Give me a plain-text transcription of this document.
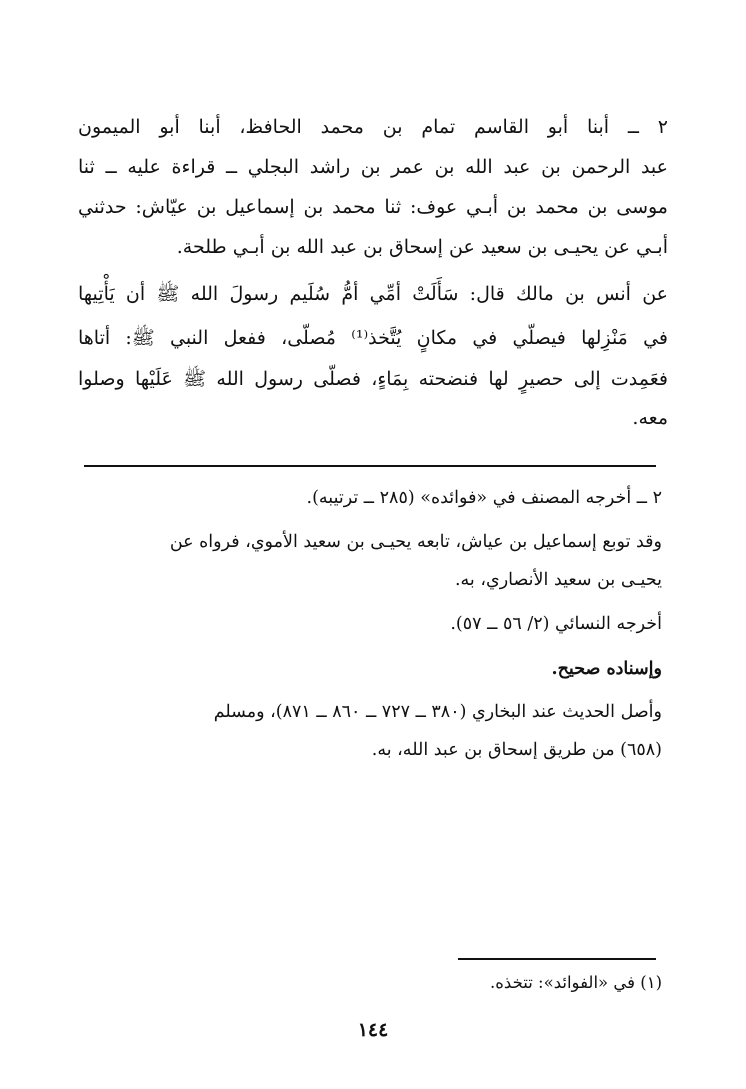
٢ ــ أبنا أبو القاسم تمام بن محمد الحافظ، أبنا أبو الميمون
عبد الرحمن بن عبد الله بن عمر بن راشد البجلي ــ قراءة عليه ــ ثنا
موسى بن محمد بن أبـي عوف: ثنا محمد بن إسماعيل بن عيّاش: حدثني
أبـي عن يحيـى بن سعيد عن إسحاق بن عبد الله بن أبـي طلحة.
عن أنس بن مالك قال: سَأَلَتْ أمِّي أمُّ سُلَيم رسولَ الله ﷺ أن يَأْتِيها
في مَنْزِلها فيصلّي في مكانٍ يُتَّخذ⁽¹⁾ مُصلّى، ففعل النبي ﷺ: أتاها
فعَمِدت إلى حصيرٍ لها فنضحته بِمَاءٍ، فصلّى رسول الله ﷺ عَلَيْها وصلوا
معه.
٢ ــ أخرجه المصنف في «فوائده» (٢٨٥ ــ ترتيبه).
وقد توبع إسماعيل بن عياش، تابعه يحيـى بن سعيد الأموي، فرواه عن
يحيـى بن سعيد الأنصاري، به.
أخرجه النسائي (٢/ ٥٦ ــ ٥٧).
وإسناده صحيح.
وأصل الحديث عند البخاري (٣٨٠ ــ ٧٢٧ ــ ٨٦٠ ــ ٨٧١)، ومسلم
(٦٥٨) من طريق إسحاق بن عبد الله، به.
(١) في «الفوائد»: تتخذه.
١٤٤
